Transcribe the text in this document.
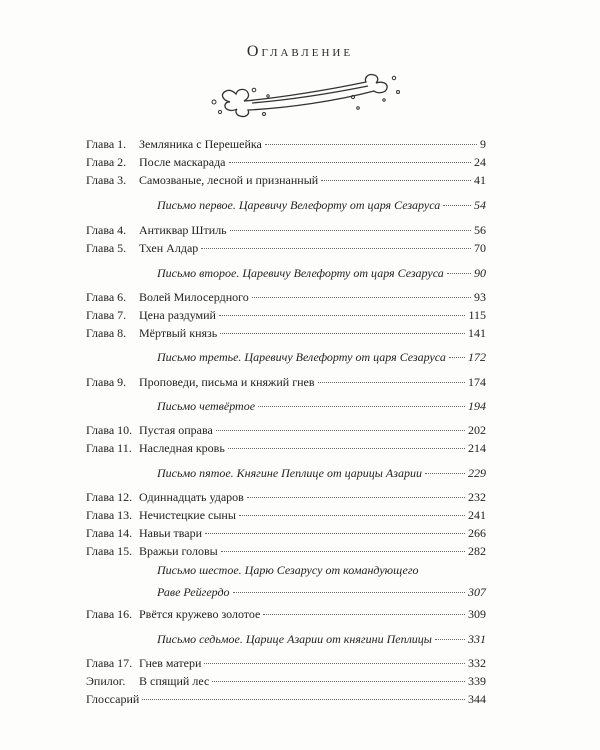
Оглавление
Глава 1. Земляника с Перешейка	9
Глава 2. После маскарада	24
Глава 3. Самозваные, лесной и признанный	41
Письмо первое. Царевичу Велефорту от царя Сезаруса	54
Глава 4. Антиквар Штиль	56
Глава 5. Тхен Алдар	70
Письмо второе. Царевичу Велефорту от царя Сезаруса	90
Глава 6. Волей Милосердного	93
Глава 7. Цена раздумий	115
Глава 8. Мёртвый князь	141
Письмо третье. Царевичу Велефорту от царя Сезаруса 172
Глава 9. Проповеди, письма и княжий гнев	174
Письмо четвёртое	194
Глава 10. Пустая оправа	202
Глава 11. Наследная кровь	214
Письмо пятое. Княгине Пеплице от царицы Азарии	229
Глава 12. Одиннадцать ударов	232
Глава 13. Нечистецкие сыны	241
Глава 14. Навьи твари	266
Глава 15. Вражьи головы	282
Письмо шестое. Царю Сезарусу от командующего
Раве Рейгердо	307
Глава 16. Рвётся кружево золотое	309
Письмо седьмое. Царице Азарии от княгини Пеплицы	331
Глава 17. Гнев матери	332
Эпилог. В спящий лес	339
Глоссарий	344
